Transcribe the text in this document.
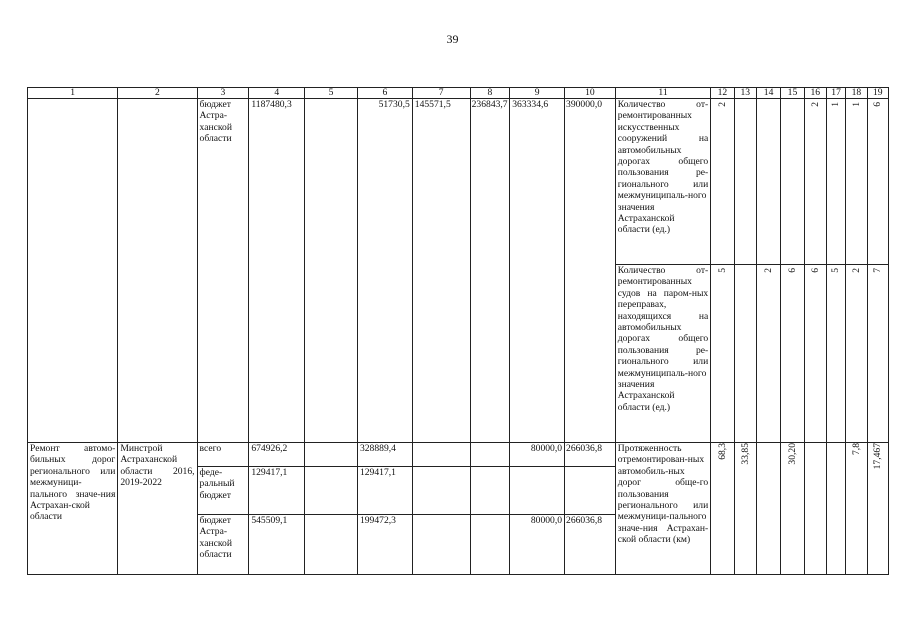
39
1	2	3	4	5	6	7	8	9	10	11	12	13	14	15	16	17	18	19
		бюджет Астра-ханской области	1187480,3		51730,5	145571,5	236843,7	363334,6	390000,0	Количество от-ремонтированных искусственных сооружений на автомобильных дорогах общего пользования ре-гионального или межмуниципаль-ного значения Астраханской области (ед.)	2				2	1	1	6
										Количество от-ремонтированных судов на паром-ных переправах, находящихся на автомобильных дорогах общего пользования ре-гионального или межмуниципаль-ного значения Астраханской области (ед.)	5		2	6	6	5	2	7
Ремонт автомо-бильных дорог регионального или межмуници-пального значе-ния Астрахан-ской области	Минстрой Астраханской области 2016, 2019-2022	всего	674926,2		328889,4			80000,0	266036,8	Протяженность отремонтирован-ных автомобиль-ных дорог обще-го пользования регионального или межмуници-пального значе-ния Астрахан-ской области (км)	68,3	33,85		30,20			7,8	17,467
		феде-ральный бюджет	129417,1		129417,1													
		бюджет Астра-ханской области	545509,1		199472,3			80000,0	266036,8									
